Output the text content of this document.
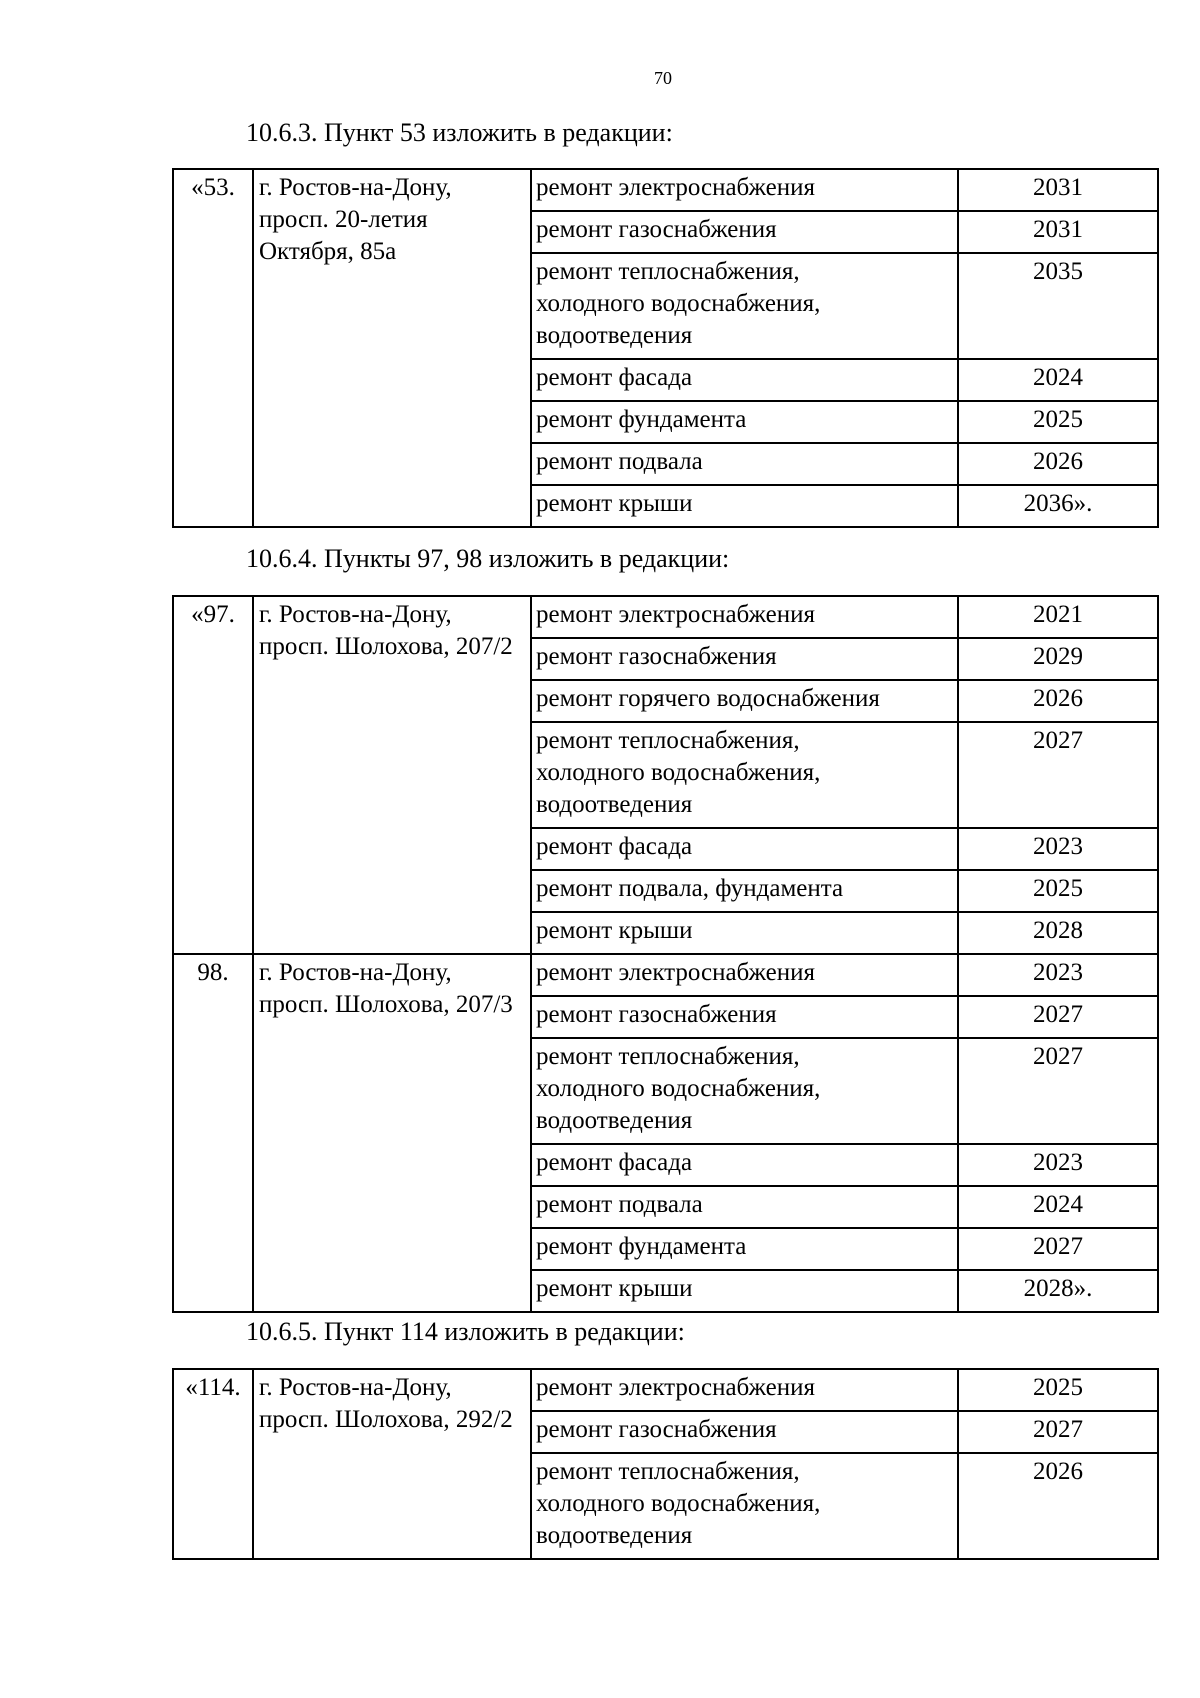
70
10.6.3. Пункт 53 изложить в редакции:
«53.	г. Ростов-на-Дону, просп. 20-летия Октября, 85а	ремонт электроснабжения	2031
		ремонт газоснабжения	2031
		ремонт теплоснабжения,
холодного водоснабжения,
водоотведения	2035
		ремонт фасада	2024
		ремонт фундамента	2025
		ремонт подвала	2026
		ремонт крыши	2036».
10.6.4. Пункты 97, 98 изложить в редакции:
«97.	г. Ростов-на-Дону, просп. Шолохова, 207/2	ремонт электроснабжения	2021
		ремонт газоснабжения	2029
		ремонт горячего водоснабжения	2026
		ремонт теплоснабжения,
холодного водоснабжения,
водоотведения	2027
		ремонт фасада	2023
		ремонт подвала, фундамента	2025
		ремонт крыши	2028
98.	г. Ростов-на-Дону, просп. Шолохова, 207/3	ремонт электроснабжения	2023
		ремонт газоснабжения	2027
		ремонт теплоснабжения,
холодного водоснабжения,
водоотведения	2027
		ремонт фасада	2023
		ремонт подвала	2024
		ремонт фундамента	2027
		ремонт крыши	2028».
10.6.5. Пункт 114 изложить в редакции:
«114.	г. Ростов-на-Дону, просп. Шолохова, 292/2	ремонт электроснабжения	2025
		ремонт газоснабжения	2027
		ремонт теплоснабжения,
холодного водоснабжения,
водоотведения	2026
